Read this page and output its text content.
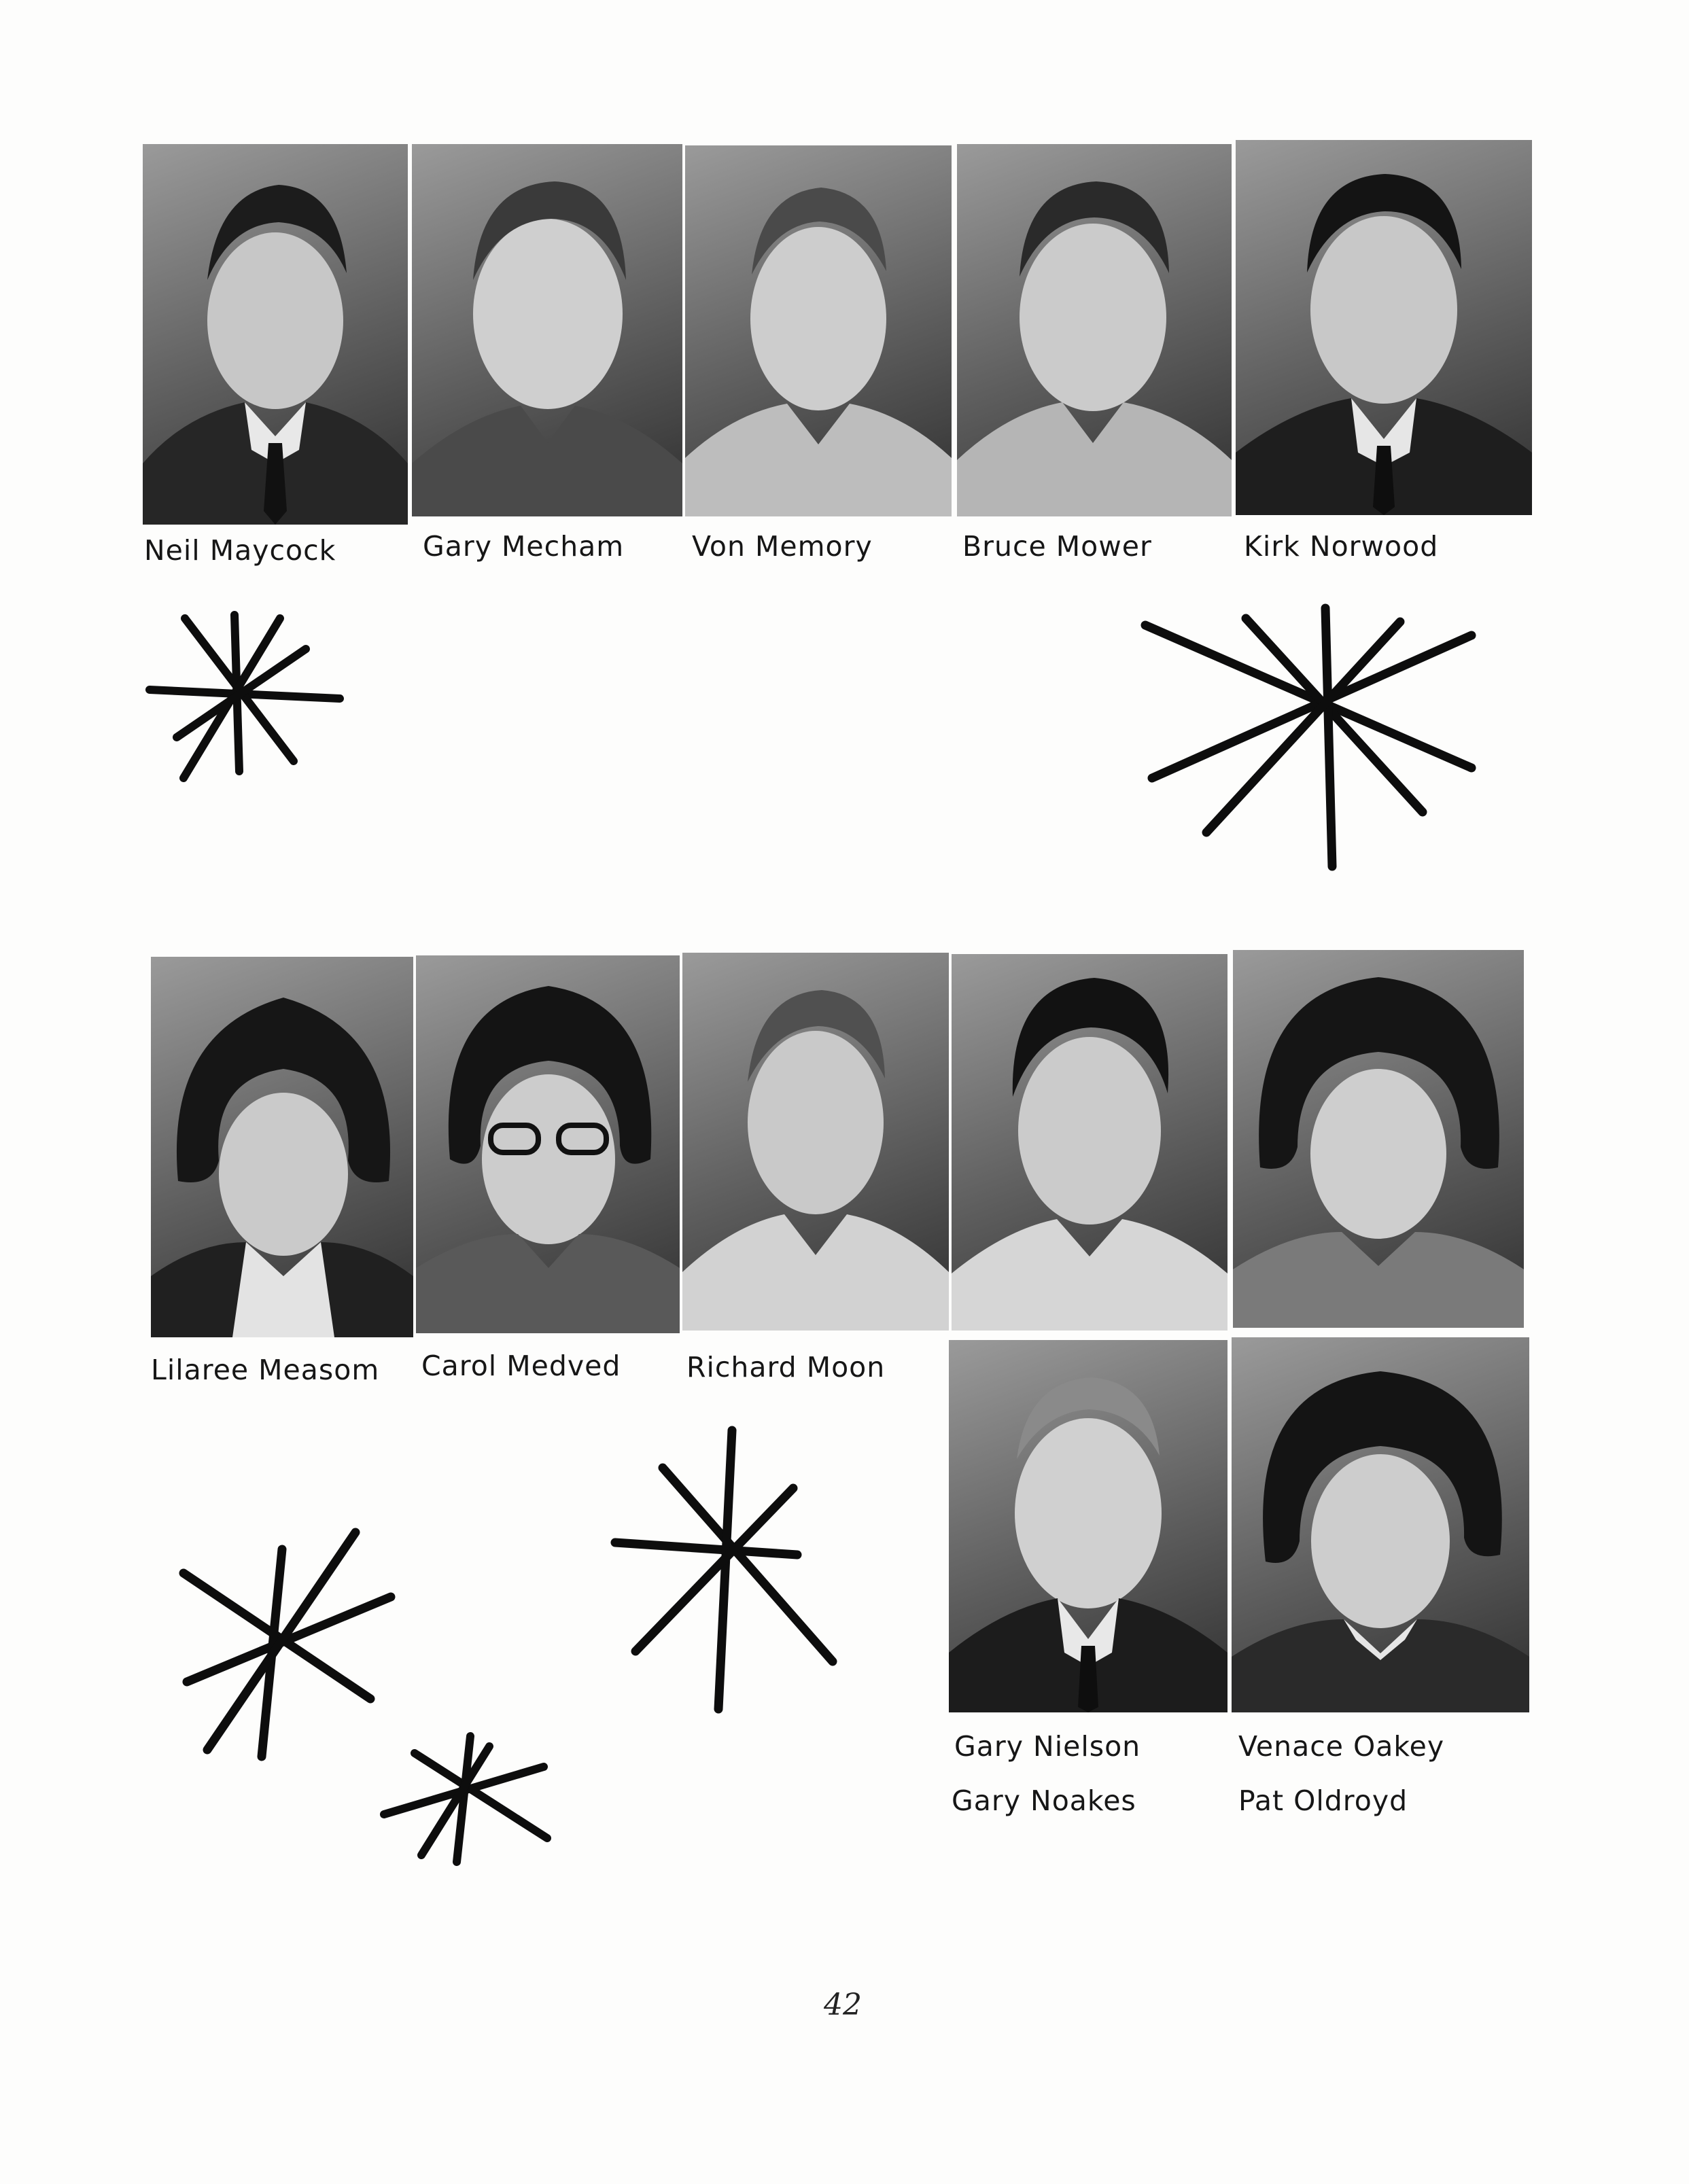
Neil Maycock	Gary Mecham Von Memory	Bruce Mower	Kirk Norwood
Lilaree Measom Carol Medved Richard Moon
Gary Nielson
Gary Noakes
Venace Oakey
Pat Oldroyd
42
